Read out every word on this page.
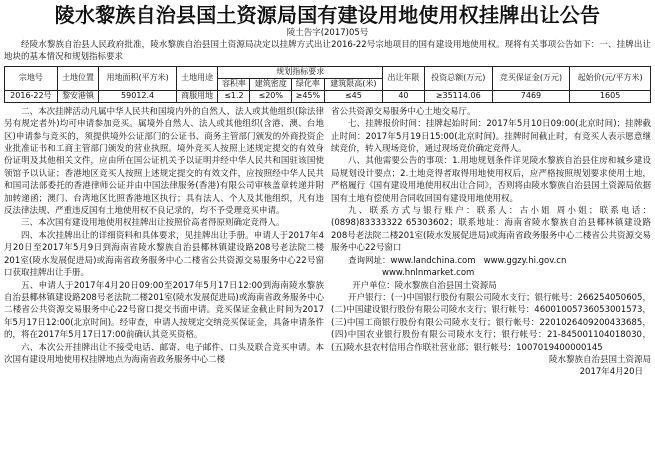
陵水黎族自治县国土资源局国有建设用地使用权挂牌出让公告
陵土告字(2017)05号

经陵水黎族自治县人民政府批准，陵水黎族自治县国土资源局决定以挂牌方式出让2016-22号宗地项目的国有建设用地使用权。现将有关事项公告如下：一、挂牌出让地块的基本情况和规划指标要求

宗地号	土地位置	用地面积(平方米)	土地用途	规划指标要求				出让年限	投资总额(万元)	竞买保证金(万元)	起始价(元/平方米)
				容积率	建筑密度	绿化率	建筑限高(米)				
2016-22号	黎安港镇	59012.4	商服用地	≤1.2	≤20%	≥45%	≤45	40	≥35114.06	7469	1605

二、本次挂牌活动凡属中华人民共和国境内外的自然人、法人或其他组织(除法律另有规定者外)均可申请参加竞买。属境外自然人、法人或其他组织(含港、澳、台地区)申请参与竞买的，须提供境外公证部门的公证书、商务主管部门颁发的外商投资企业批准证书和工商主管部门颁发的营业执照。境外竞买人按照上述规定提交的有效身份证明及其他相关文件，应由所在国公证机关予以证明并经中华人民共和国驻该国使领馆予以认证；香港地区竞买人按照上述规定提交的有效文件，应按照经中华人民共和国司法部委托的香港律师公证并由中国法律服务(香港)有限公司审核盖章转递并附加转递函；澳门、台湾地区比照香港地区执行；具有法人、个人及其他组织，凡有违反法律法规、严重违反国有土地使用权不良记录的，均不予受理竞买申请。

三、本次国有建设用地使用权挂牌出让按照价高者得原则确定竞得人。

四、本次挂牌出让的详细资料和具体要求，见挂牌出让手册。申请人于2017年4月20日至2017年5月9日到海南省陵水黎族自治县椰林镇建设路208号老法院二楼201室(陵水发展促进局)或海南省政务服务中心二楼省公共资源交易服务中心22号窗口获取挂牌出让手册。

五、申请人于2017年4月20日09:00至2017年5月17日12:00到海南陵水黎族自治县椰林镇建设路208号老法院二楼201室(陵水发展促进局)或海南省政务服务中心二楼省公共资源交易服务中心22号窗口提交书面申请。竞买保证金截止时间为2017年5月17日12:00(北京时间)。经审查，申请人按规定交纳竞买保证金，具备申请条件的，将在2017年5月17日17:00前确认其竞买资格。

六、本次公开挂牌出让不接受电话、邮寄、电子邮件、口头及联合竞买申请。本次国有建设用地使用权挂牌地点为海南省政务服务中心二楼

省公共资源交易服务中心土地交易厅。

七、挂牌报价时间：挂牌起始时间：2017年5月10日09:00(北京时间)；挂牌截止时间：2017年5月19日15:00(北京时间)。挂牌时间截止时，有竞买人表示愿意继续竞价，转入现场竞价，通过现场竞价确定竞得人。

八、其他需要公告的事项：1.用地规划条件详见陵水黎族自治县住房和城乡建设局规划设计要点；2.土地竞得者取得用地使用权后，应严格按照规划要求使用土地，严格履行《国有建设用地使用权出让合同》，否则将由陵水黎族自治县国土资源局依据国有土地有偿使用合同收回国有建设用地使用权。

九、联系方式与银行账户：联系人：古小姐 周小姐；联系电话：(0898)83333322 65303602；联系地址：海南省陵水黎族自治县椰林镇建设路208号老法院二楼201室(陵水发展促进局)或海南省政务服务中心二楼省公共资源交易服务中心22号窗口

查询网址：www.landchina.com www.ggzy.hi.gov.cn

www.hnlnmarket.com

开户单位：陵水黎族自治县国土资源局

开户银行：(一)中国银行股份有限公司陵水支行；银行帐号：266254050605，(二)中国建设银行股份有限公司陵水支行；银行帐号：46001005736053001573，(三)中国工商银行股份有限公司陵水支行；银行帐号：2201026409200433685，(四)中国农业银行股份有限公司陵水支行；银行帐号：21-845001104018030，(五)陵水县农村信用合作联社营业部；银行帐号：1007019400000145

陵水黎族自治县国土资源局
2017年4月20日
